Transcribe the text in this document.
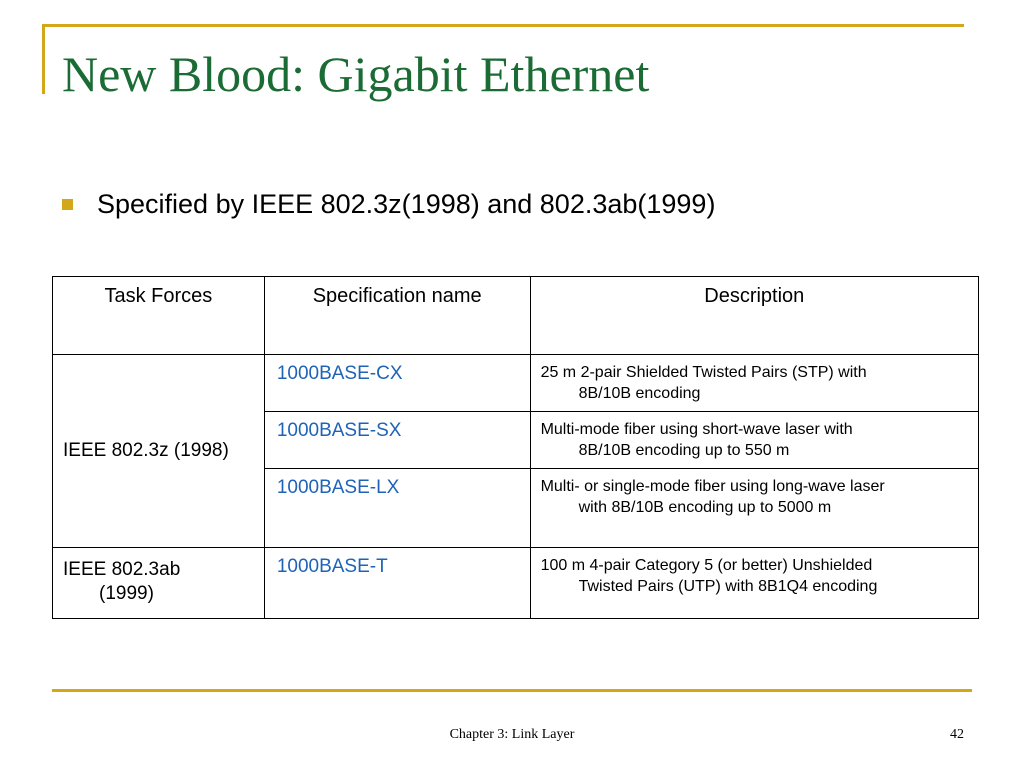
New Blood: Gigabit Ethernet
Specified by IEEE 802.3z(1998) and 802.3ab(1999)
Task Forces	Specification name	Description
IEEE 802.3z (1998)	1000BASE-CX	25 m 2-pair Shielded Twisted Pairs (STP) with
8B/10B encoding

	1000BASE-SX	Multi-mode fiber using short-wave laser with
8B/10B encoding up to 550 m

	1000BASE-LX	Multi- or single-mode fiber using long-wave laser
with 8B/10B encoding up to 5000 m

IEEE 802.3ab
(1999)	1000BASE-T	100 m 4-pair Category 5 (or better) Unshielded
Twisted Pairs (UTP) with 8B1Q4 encoding
Chapter 3: Link Layer	42
